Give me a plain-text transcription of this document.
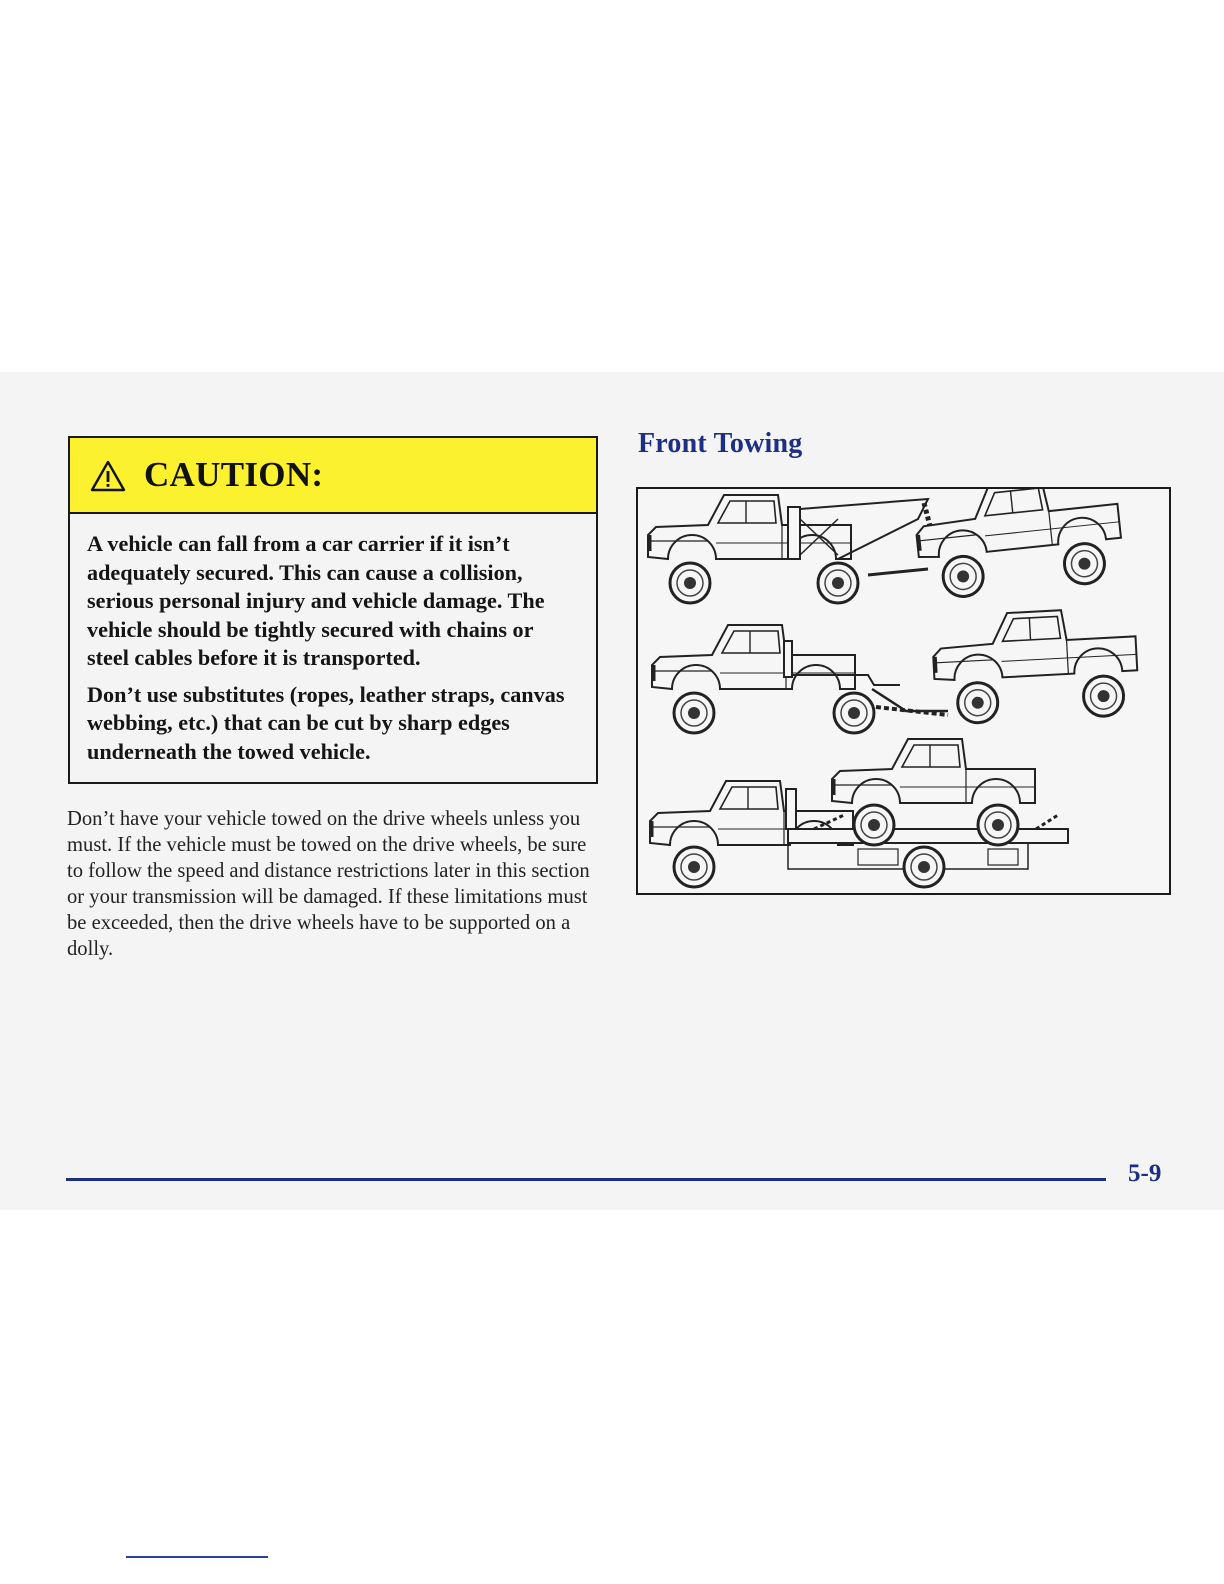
CAUTION:

A vehicle can fall from a car carrier if it isn’t adequately secured. This can cause a collision, serious personal injury and vehicle damage. The vehicle should be tightly secured with chains or steel cables before it is transported.

Don’t use substitutes (ropes, leather straps, canvas webbing, etc.) that can be cut by sharp edges underneath the towed vehicle.

Don’t have your vehicle towed on the drive wheels unless you must. If the vehicle must be towed on the drive wheels, be sure to follow the speed and distance restrictions later in this section or your transmission will be damaged. If these limitations must be exceeded, then the drive wheels have to be supported on a dolly.
Front Towing
5-9
